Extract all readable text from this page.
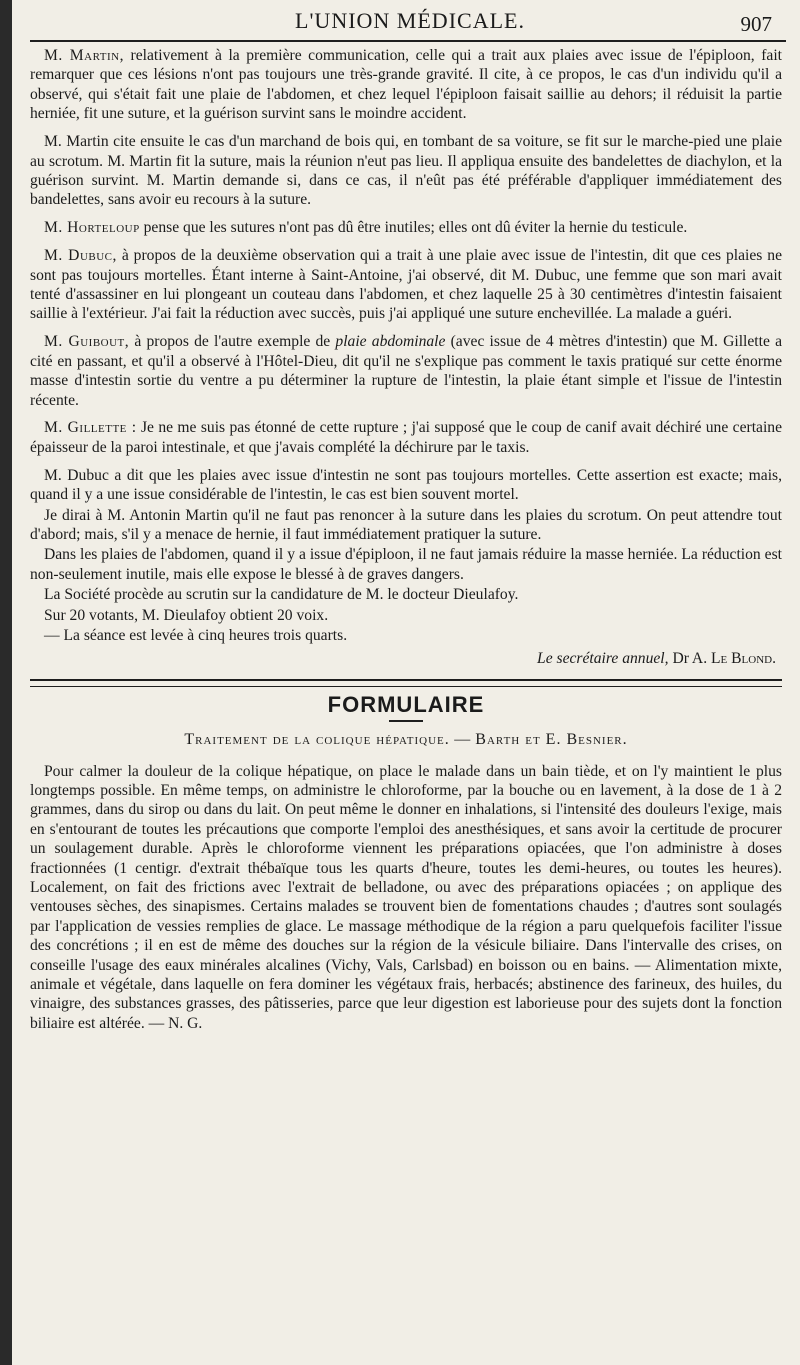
L'UNION MÉDICALE.	907

M. Martin, relativement à la première communication, celle qui a trait aux plaies avec issue de l'épiploon, fait remarquer que ces lésions n'ont pas toujours une très-grande gravité. Il cite, à ce propos, le cas d'un individu qu'il a observé, qui s'était fait une plaie de l'abdomen, et chez lequel l'épiploon faisait saillie au dehors; il réduisit la partie herniée, fit une suture, et la guérison survint sans le moindre accident.

M. Martin cite ensuite le cas d'un marchand de bois qui, en tombant de sa voiture, se fit sur le marche-pied une plaie au scrotum. M. Martin fit la suture, mais la réunion n'eut pas lieu. Il appliqua ensuite des bandelettes de diachylon, et la guérison survint. M. Martin demande si, dans ce cas, il n'eût pas été préférable d'appliquer immédiatement des bandelettes, sans avoir eu recours à la suture.

M. Horteloup pense que les sutures n'ont pas dû être inutiles; elles ont dû éviter la hernie du testicule.

M. Dubuc, à propos de la deuxième observation qui a trait à une plaie avec issue de l'intestin, dit que ces plaies ne sont pas toujours mortelles. Étant interne à Saint-Antoine, j'ai observé, dit M. Dubuc, une femme que son mari avait tenté d'assassiner en lui plongeant un couteau dans l'abdomen, et chez laquelle 25 à 30 centimètres d'intestin faisaient saillie à l'extérieur. J'ai fait la réduction avec succès, puis j'ai appliqué une suture enchevillée. La malade a guéri.

M. Guibout, à propos de l'autre exemple de plaie abdominale (avec issue de 4 mètres d'intestin) que M. Gillette a cité en passant, et qu'il a observé à l'Hôtel-Dieu, dit qu'il ne s'explique pas comment le taxis pratiqué sur cette énorme masse d'intestin sortie du ventre a pu déterminer la rupture de l'intestin, la plaie étant simple et l'issue de l'intestin récente.

M. Gillette : Je ne me suis pas étonné de cette rupture ; j'ai supposé que le coup de canif avait déchiré une certaine épaisseur de la paroi intestinale, et que j'avais complété la déchirure par le taxis.

M. Dubuc a dit que les plaies avec issue d'intestin ne sont pas toujours mortelles. Cette assertion est exacte; mais, quand il y a une issue considérable de l'intestin, le cas est bien souvent mortel.

Je dirai à M. Antonin Martin qu'il ne faut pas renoncer à la suture dans les plaies du scrotum. On peut attendre tout d'abord; mais, s'il y a menace de hernie, il faut immédiatement pratiquer la suture.

Dans les plaies de l'abdomen, quand il y a issue d'épiploon, il ne faut jamais réduire la masse herniée. La réduction est non-seulement inutile, mais elle expose le blessé à de graves dangers.

La Société procède au scrutin sur la candidature de M. le docteur Dieulafoy.

Sur 20 votants, M. Dieulafoy obtient 20 voix.

— La séance est levée à cinq heures trois quarts.

Le secrétaire annuel, Dr A. Le Blond.
FORMULAIRE
Traitement de la colique hépatique. — Barth et E. Besnier.

Pour calmer la douleur de la colique hépatique, on place le malade dans un bain tiède, et on l'y maintient le plus longtemps possible. En même temps, on administre le chloroforme, par la bouche ou en lavement, à la dose de 1 à 2 grammes, dans du sirop ou dans du lait. On peut même le donner en inhalations, si l'intensité des douleurs l'exige, mais en s'entourant de toutes les précautions que comporte l'emploi des anesthésiques, et sans avoir la certitude de procurer un soulagement durable. Après le chloroforme viennent les préparations opiacées, que l'on administre à doses fractionnées (1 centigr. d'extrait thébaïque tous les quarts d'heure, toutes les demi-heures, ou toutes les heures). Localement, on fait des frictions avec l'extrait de belladone, ou avec des préparations opiacées ; on applique des ventouses sèches, des sinapismes. Certains malades se trouvent bien de fomentations chaudes ; d'autres sont soulagés par l'application de vessies remplies de glace. Le massage méthodique de la région a paru quelquefois faciliter l'issue des concrétions ; il en est de même des douches sur la région de la vésicule biliaire. Dans l'intervalle des crises, on conseille l'usage des eaux minérales alcalines (Vichy, Vals, Carlsbad) en boisson ou en bains. — Alimentation mixte, animale et végétale, dans laquelle on fera dominer les végétaux frais, herbacés; abstinence des farineux, des huiles, du vinaigre, des substances grasses, des pâtisseries, parce que leur digestion est laborieuse pour des sujets dont la fonction biliaire est altérée. — N. G.
